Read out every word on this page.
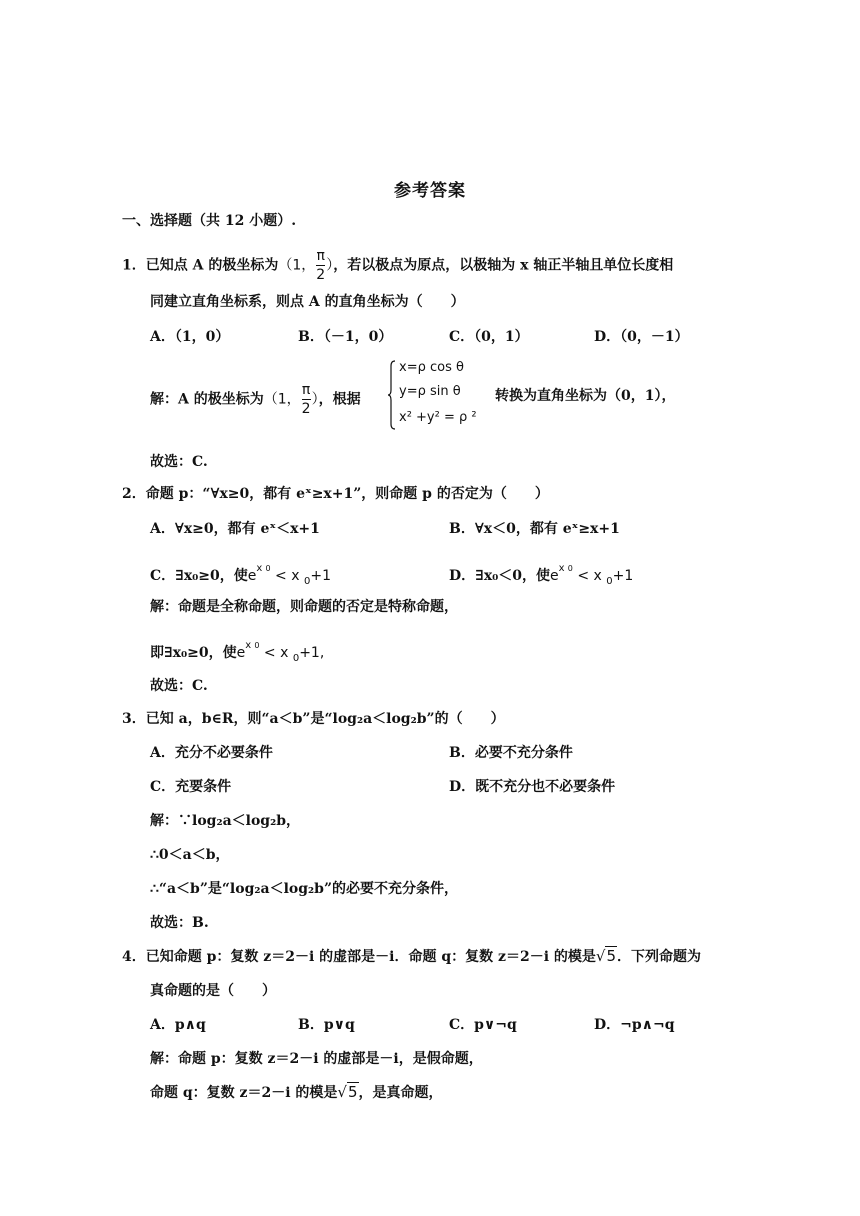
参考答案
一、选择题（共 12 小题）.
1．已知点 A 的极坐标为（1， $\frac{\pi}{2}$ ），若以极点为原点，以极轴为 x 轴正半轴且单位长度相
同建立直角坐标系，则点 A 的直角坐标为（　　）
A．（1，0）	B．（－1，0）	C．（0，1）	D．（0，－1）
解：A 的极坐标为（1， $\frac{\pi}{2}$ ），根据
x=ρ cos θ
y=ρ sin θ
x² +y² = ρ ²
转换为直角坐标为（0，1），
故选：C.
2．命题 p：“∀x≥0，都有 eˣ≥x+1”，则命题 p 的否定为（　　）
A．∀x≥0，都有 eˣ＜x+1	B．∀x＜0，都有 eˣ≥x+1
C．∃x₀≥0，使$e^{x 0} < x$ $_0$+1	D．∃x₀＜0，使$e^{x 0} < x$ $_0$+1
解：命题是全称命题，则命题的否定是特称命题，
即∃x₀≥0，使$e^{x 0} < x$ $_0$+1,
故选：C.
3．已知 a，b∈R，则“a＜b”是“log₂a＜log₂b”的（　　）
A．充分不必要条件	B．必要不充分条件
C．充要条件	D．既不充分也不必要条件
解：∵log₂a＜log₂b，
∴0＜a＜b，
∴“a＜b”是“log₂a＜log₂b”的必要不充分条件，
故选：B.
4．已知命题 p：复数 z＝2－i 的虚部是－i．命题 q：复数 z＝2－i 的模是√5．下列命题为
真命题的是（　　）
A．p∧q	B．p∨q	C．p∨¬q	D．¬p∧¬q
解：命题 p：复数 z＝2－i 的虚部是－i，是假命题，
命题 q：复数 z＝2－i 的模是√5，是真命题，
